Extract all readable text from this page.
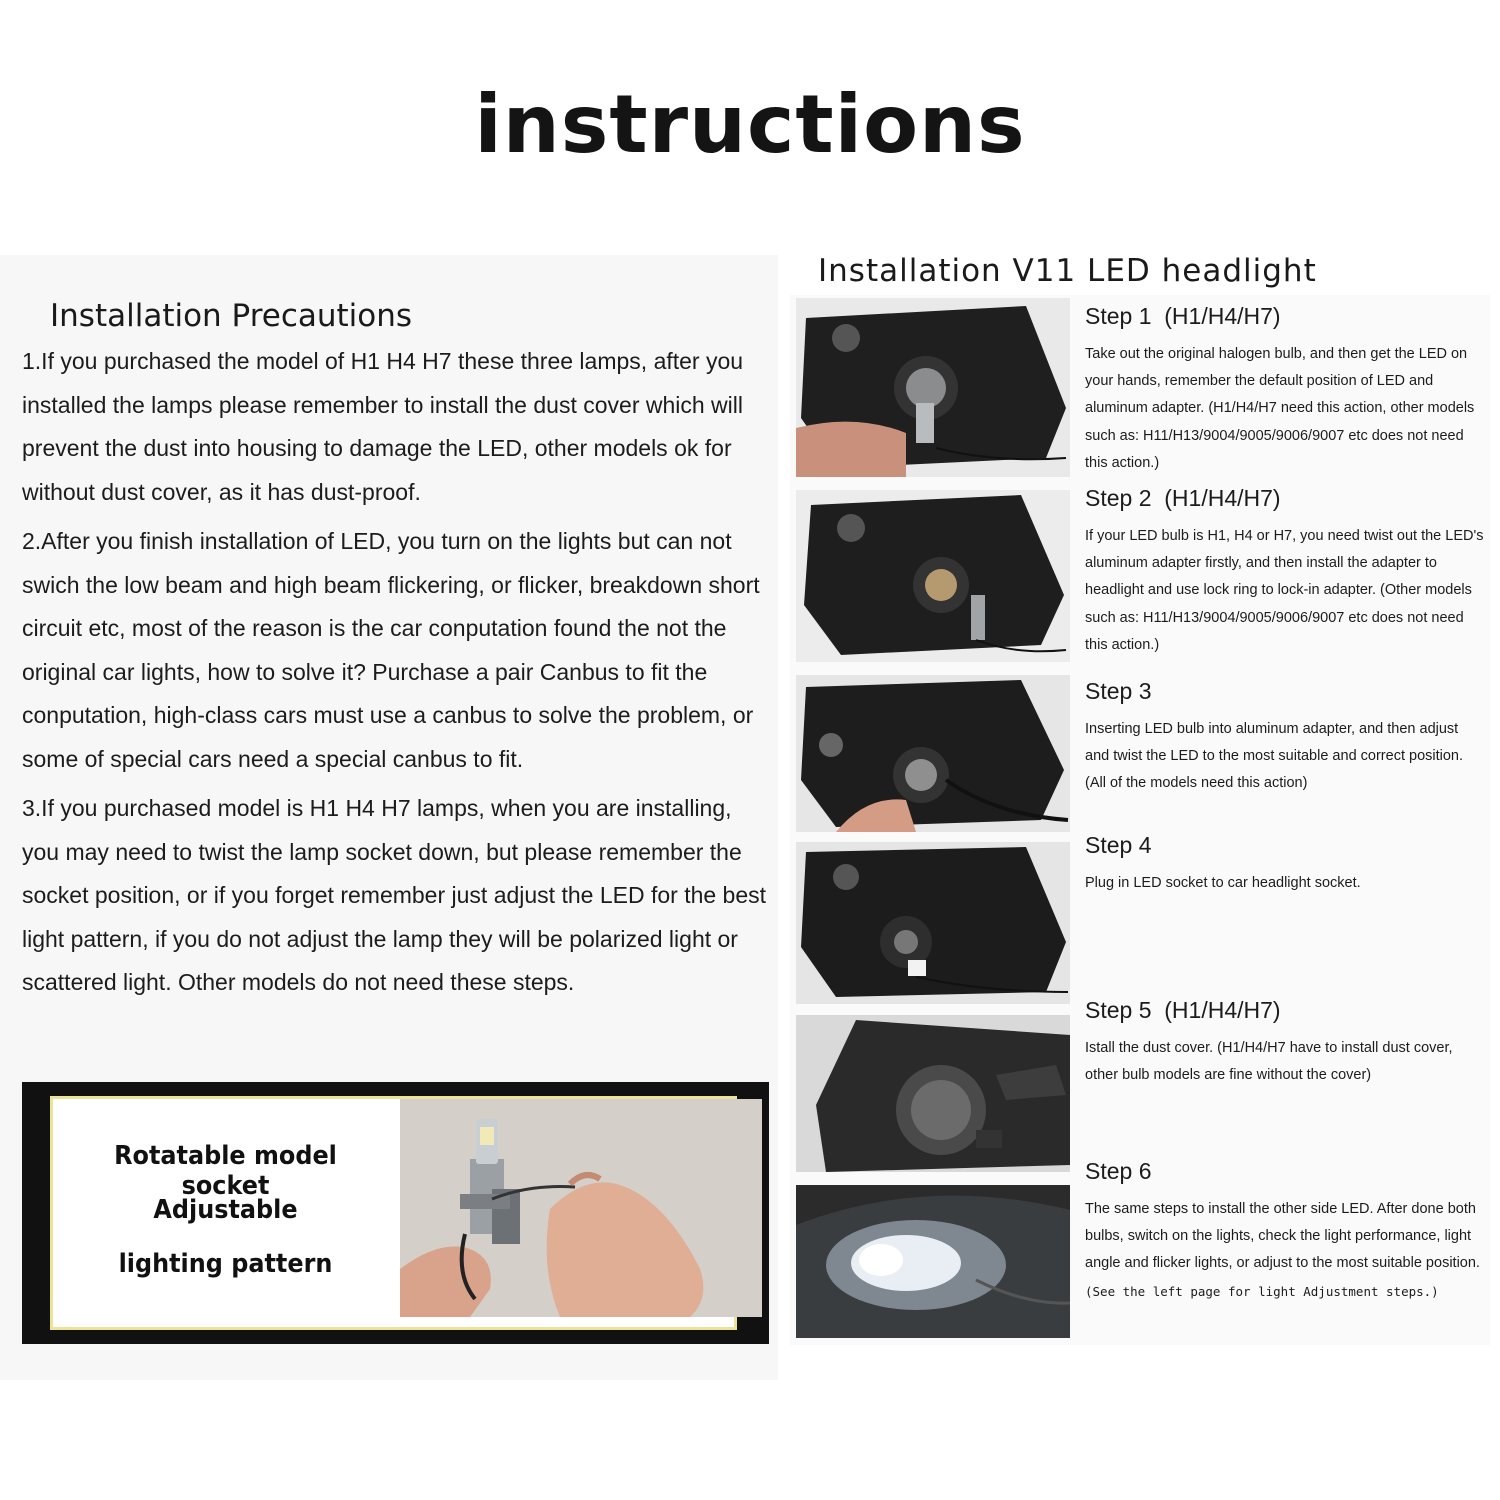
instructions
Installation Precautions

1.If you purchased the model of H1 H4 H7 these three lamps, after you installed the lamps please remember to install the dust cover which will prevent the dust into housing to damage the LED, other models ok for without dust cover, as it has dust-proof.

2.After you finish installation of LED, you turn on the lights but can not swich the low beam and high beam flickering, or flicker, breakdown short circuit etc, most of the reason is the car conputation found the not the original car lights, how to solve it? Purchase a pair Canbus to fit the conputation, high-class cars must use a canbus to solve the problem, or some of special cars need a special canbus to fit.

3.If you purchased model is H1 H4 H7 lamps, when you are installing, you may need to twist the lamp socket down, but please remember the socket position, or if you forget remember just adjust the LED for the best light pattern, if you do not adjust the lamp they will be polarized light or scattered light. Other models do not need these steps.

Rotatable model socket
Adjustable
lighting pattern
Installation V11 LED headlight
Step 1  (H1/H4/H7)
Take out the original halogen bulb, and then get the LED on your hands, remember the default position of LED and aluminum adapter. (H1/H4/H7 need this action, other models such as: H11/H13/9004/9005/9006/9007 etc does not need this action.)
Step 2  (H1/H4/H7)
If your LED bulb is H1, H4 or H7, you need twist out the LED's aluminum adapter firstly, and then install the adapter to headlight and use lock ring to lock-in adapter. (Other models such as: H11/H13/9004/9005/9006/9007 etc does not need this action.)
Step 3
Inserting LED bulb into aluminum adapter, and then adjust and twist the LED to the most suitable and correct position. (All of the models need this action)
Step 4
Plug in LED socket to car headlight socket.
Step 5  (H1/H4/H7)
Istall the dust cover. (H1/H4/H7 have to install dust cover, other bulb models are fine without the cover)
Step 6
The same steps to install the other side LED. After done both bulbs, switch on the lights, check the light performance, light angle and flicker lights, or adjust to the most suitable position.
(See the left page for light Adjustment steps.)
